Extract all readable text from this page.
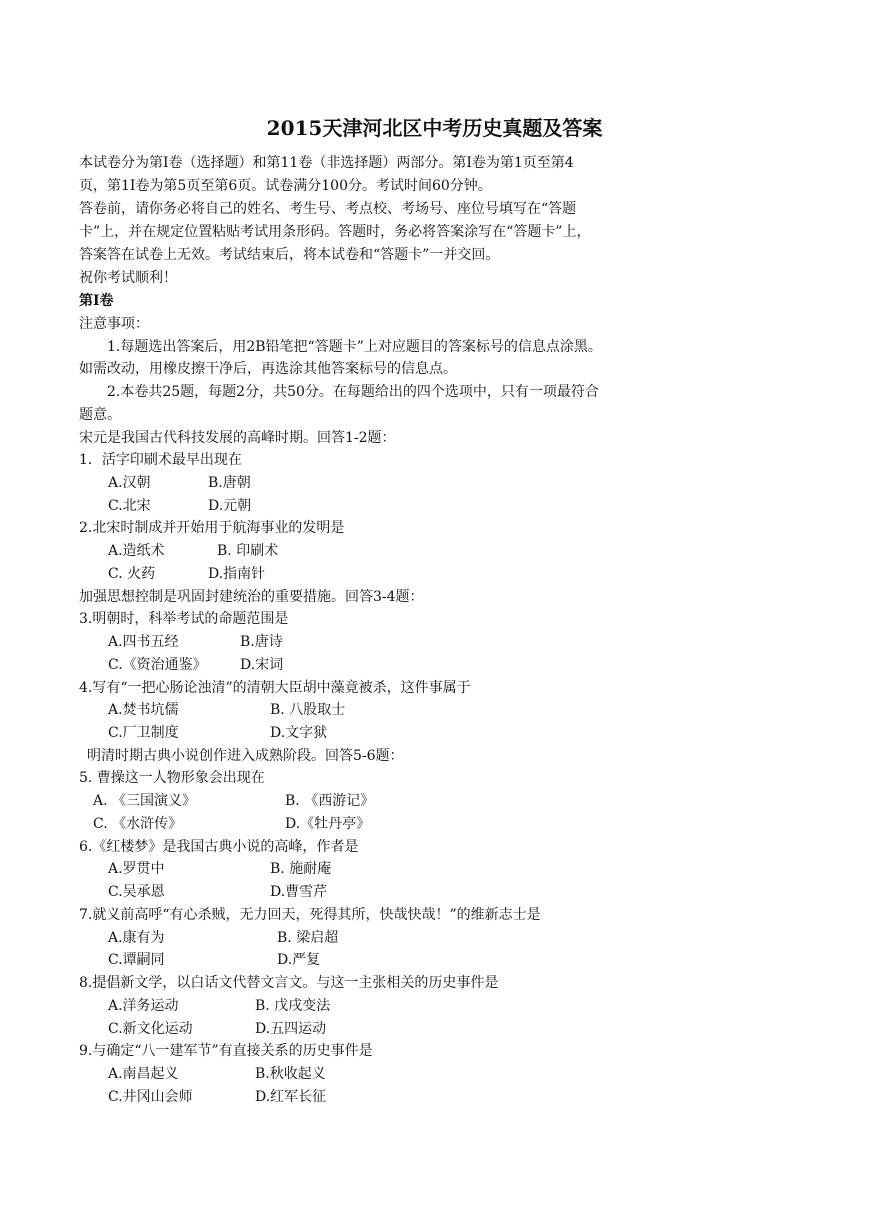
2015天津河北区中考历史真题及答案
本试卷分为第Ⅰ卷（选择题）和第11卷（非选择题）两部分。第Ⅰ卷为第1页至第4
页，第1I卷为第5页至第6页。试卷满分100分。考试时间60分钟。
答卷前，请你务必将自己的姓名、考生号、考点校、考场号、座位号填写在“答题
卡”上，并在规定位置粘贴考试用条形码。答题时，务必将答案涂写在“答题卡”上，
答案答在试卷上无效。考试结束后，将本试卷和“答题卡”一并交回。
祝你考试顺利！
第Ⅰ卷
注意事项：
1.每题选出答案后，用2B铅笔把“答题卡”上对应题目的答案标号的信息点涂黑。
如需改动，用橡皮擦干净后，再选涂其他答案标号的信息点。
2.本卷共25题，每题2分，共50分。在每题给出的四个选项中，只有一项最符合
题意。
宋元是我国古代科技发展的高峰时期。回答1-2题：
1．活字印刷术最早出现在
A.汉朝	B.唐朝
C.北宋	D.元朝
2.北宋时制成并开始用于航海事业的发明是
A.造纸术	B. 印刷术
C. 火药	D.指南针
加强思想控制是巩固封建统治的重要措施。回答3-4题：
3.明朝时，科举考试的命题范围是
A.四书五经	B.唐诗
C.《资治通鉴》 D.宋词
4.写有“一把心肠论浊清”的清朝大臣胡中藻竟被杀，这件事属于
A.焚书坑儒	B. 八股取士
C.厂卫制度	D.文字狱
明清时期古典小说创作进入成熟阶段。回答5-6题：
5. 曹操这一人物形象会出现在
A. 《三国演义》	B. 《西游记》
C. 《水浒传》	D.《牡丹亭》
6.《红楼梦》是我国古典小说的高峰，作者是
A.罗贯中	B. 施耐庵
C.吴承恩	D.曹雪芹
7.就义前高呼“有心杀贼，无力回天，死得其所，快哉快哉！”的维新志士是
A.康有为	B. 梁启超
C.谭嗣同	D.严复
8.提倡新文学，以白话文代替文言文。与这一主张相关的历史事件是
A.洋务运动	B. 戊戌变法
C.新文化运动	D.五四运动
9.与确定“八一建军节”有直接关系的历史事件是
A.南昌起义	B.秋收起义
C.井冈山会师	D.红军长征
